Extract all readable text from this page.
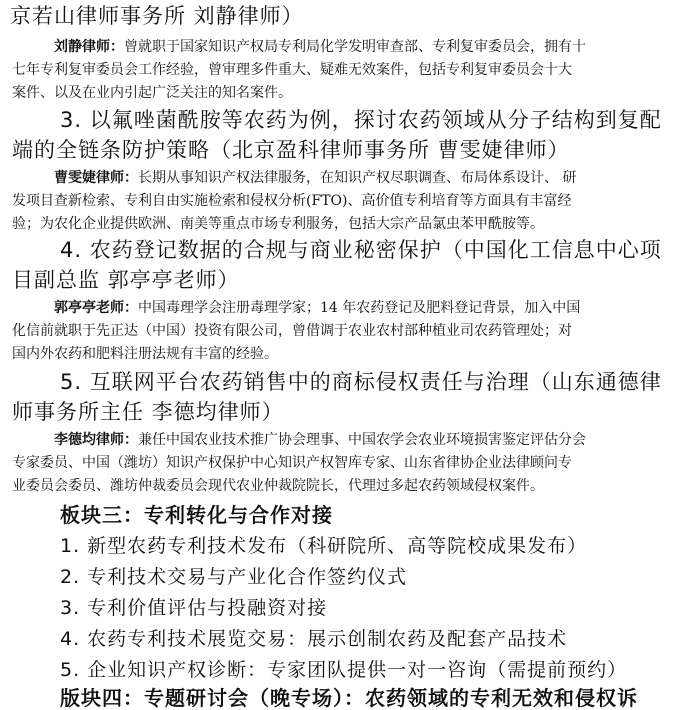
京若山律师事务所 刘静律师）
刘静律师：曾就职于国家知识产权局专利局化学发明审查部、专利复审委员会，拥有十
七年专利复审委员会工作经验，曾审理多件重大、疑难无效案件，包括专利复审委员会十大
案件、以及在业内引起广泛关注的知名案件。
3. 以氟唑菌酰胺等农药为例，探讨农药领域从分子结构到复配
端的全链条防护策略（北京盈科律师事务所 曹雯婕律师）
曹雯婕律师：长期从事知识产权法律服务，在知识产权尽职调查、布局体系设计、 研
发项目查新检索、专利自由实施检索和侵权分析(FTO)、高价值专利培育等方面具有丰富经
验；为农化企业提供欧洲、南美等重点市场专利服务，包括大宗产品氯虫苯甲酰胺等。
4. 农药登记数据的合规与商业秘密保护（中国化工信息中心项
目副总监 郭亭亭老师）
郭亭亭老师：中国毒理学会注册毒理学家；14 年农药登记及肥料登记背景，加入中国
化信前就职于先正达（中国）投资有限公司，曾借调于农业农村部种植业司农药管理处；对
国内外农药和肥料注册法规有丰富的经验。
5. 互联网平台农药销售中的商标侵权责任与治理（山东通德律
师事务所主任 李德均律师）
李德均律师：兼任中国农业技术推广协会理事、中国农学会农业环境损害鉴定评估分会
专家委员、中国（潍坊）知识产权保护中心知识产权智库专家、山东省律协企业法律顾问专
业委员会委员、潍坊仲裁委员会现代农业仲裁院院长，代理过多起农药领域侵权案件。
板块三：专利转化与合作对接
1. 新型农药专利技术发布（科研院所、高等院校成果发布）
2. 专利技术交易与产业化合作签约仪式
3. 专利价值评估与投融资对接
4. 农药专利技术展览交易：展示创制农药及配套产品技术
5. 企业知识产权诊断：专家团队提供一对一咨询（需提前预约）
版块四：专题研讨会（晚专场）：农药领域的专利无效和侵权诉
